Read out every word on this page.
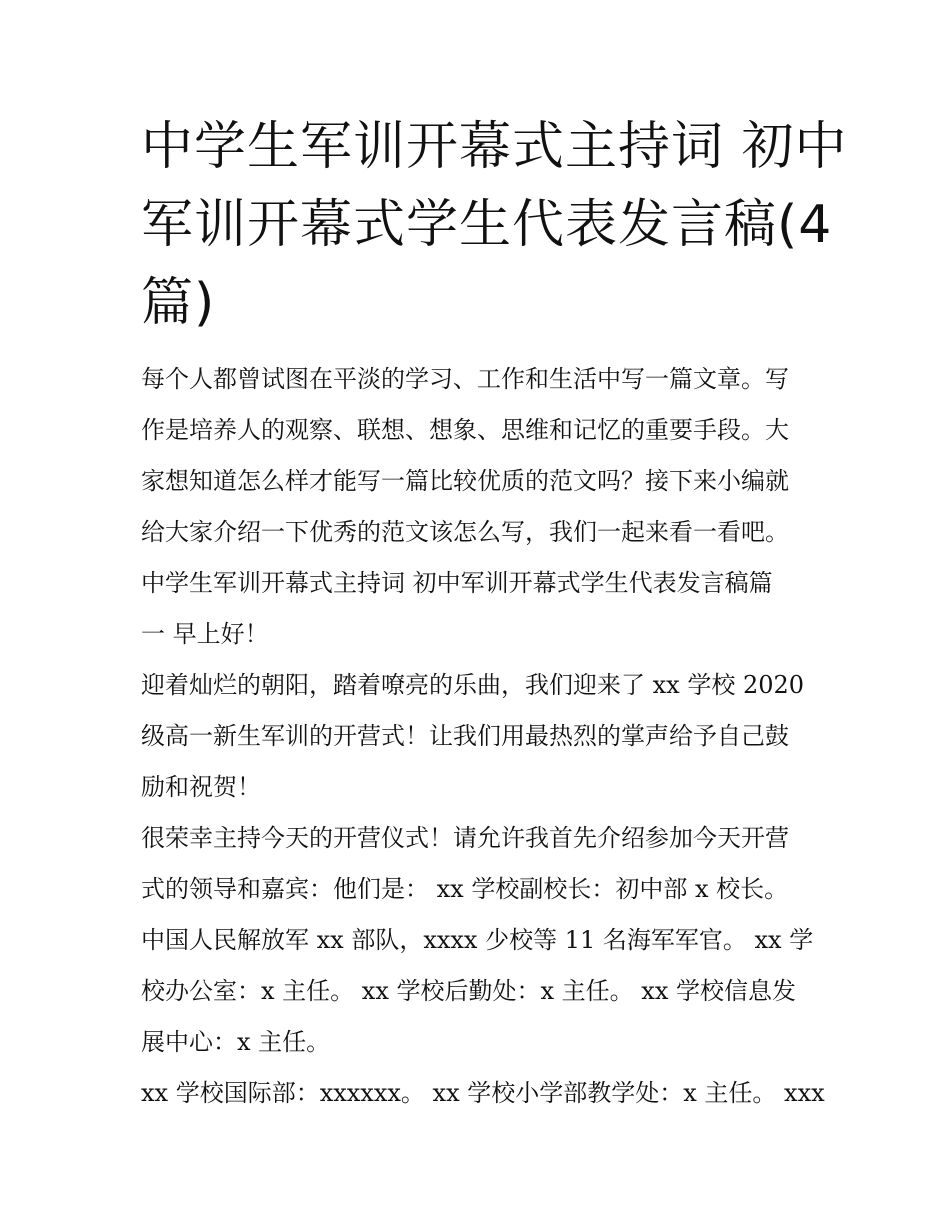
中学生军训开幕式主持词 初中
军训开幕式学生代表发言稿(4
篇)
每个人都曾试图在平淡的学习、工作和生活中写一篇文章。写
作是培养人的观察、联想、想象、思维和记忆的重要手段。大
家想知道怎么样才能写一篇比较优质的范文吗？接下来小编就
给大家介绍一下优秀的范文该怎么写，我们一起来看一看吧。
中学生军训开幕式主持词 初中军训开幕式学生代表发言稿篇
一 早上好！
迎着灿烂的朝阳，踏着嘹亮的乐曲，我们迎来了 xx 学校 2020
级高一新生军训的开营式！让我们用最热烈的掌声给予自己鼓
励和祝贺！
很荣幸主持今天的开营仪式！请允许我首先介绍参加今天开营
式的领导和嘉宾：他们是： xx 学校副校长：初中部 x 校长。
中国人民解放军 xx 部队，xxxx 少校等 11 名海军军官。 xx 学
校办公室：x 主任。 xx 学校后勤处：x 主任。 xx 学校信息发
展中心：x 主任。
xx 学校国际部：xxxxxx。 xx 学校小学部教学处：x 主任。 xxx
